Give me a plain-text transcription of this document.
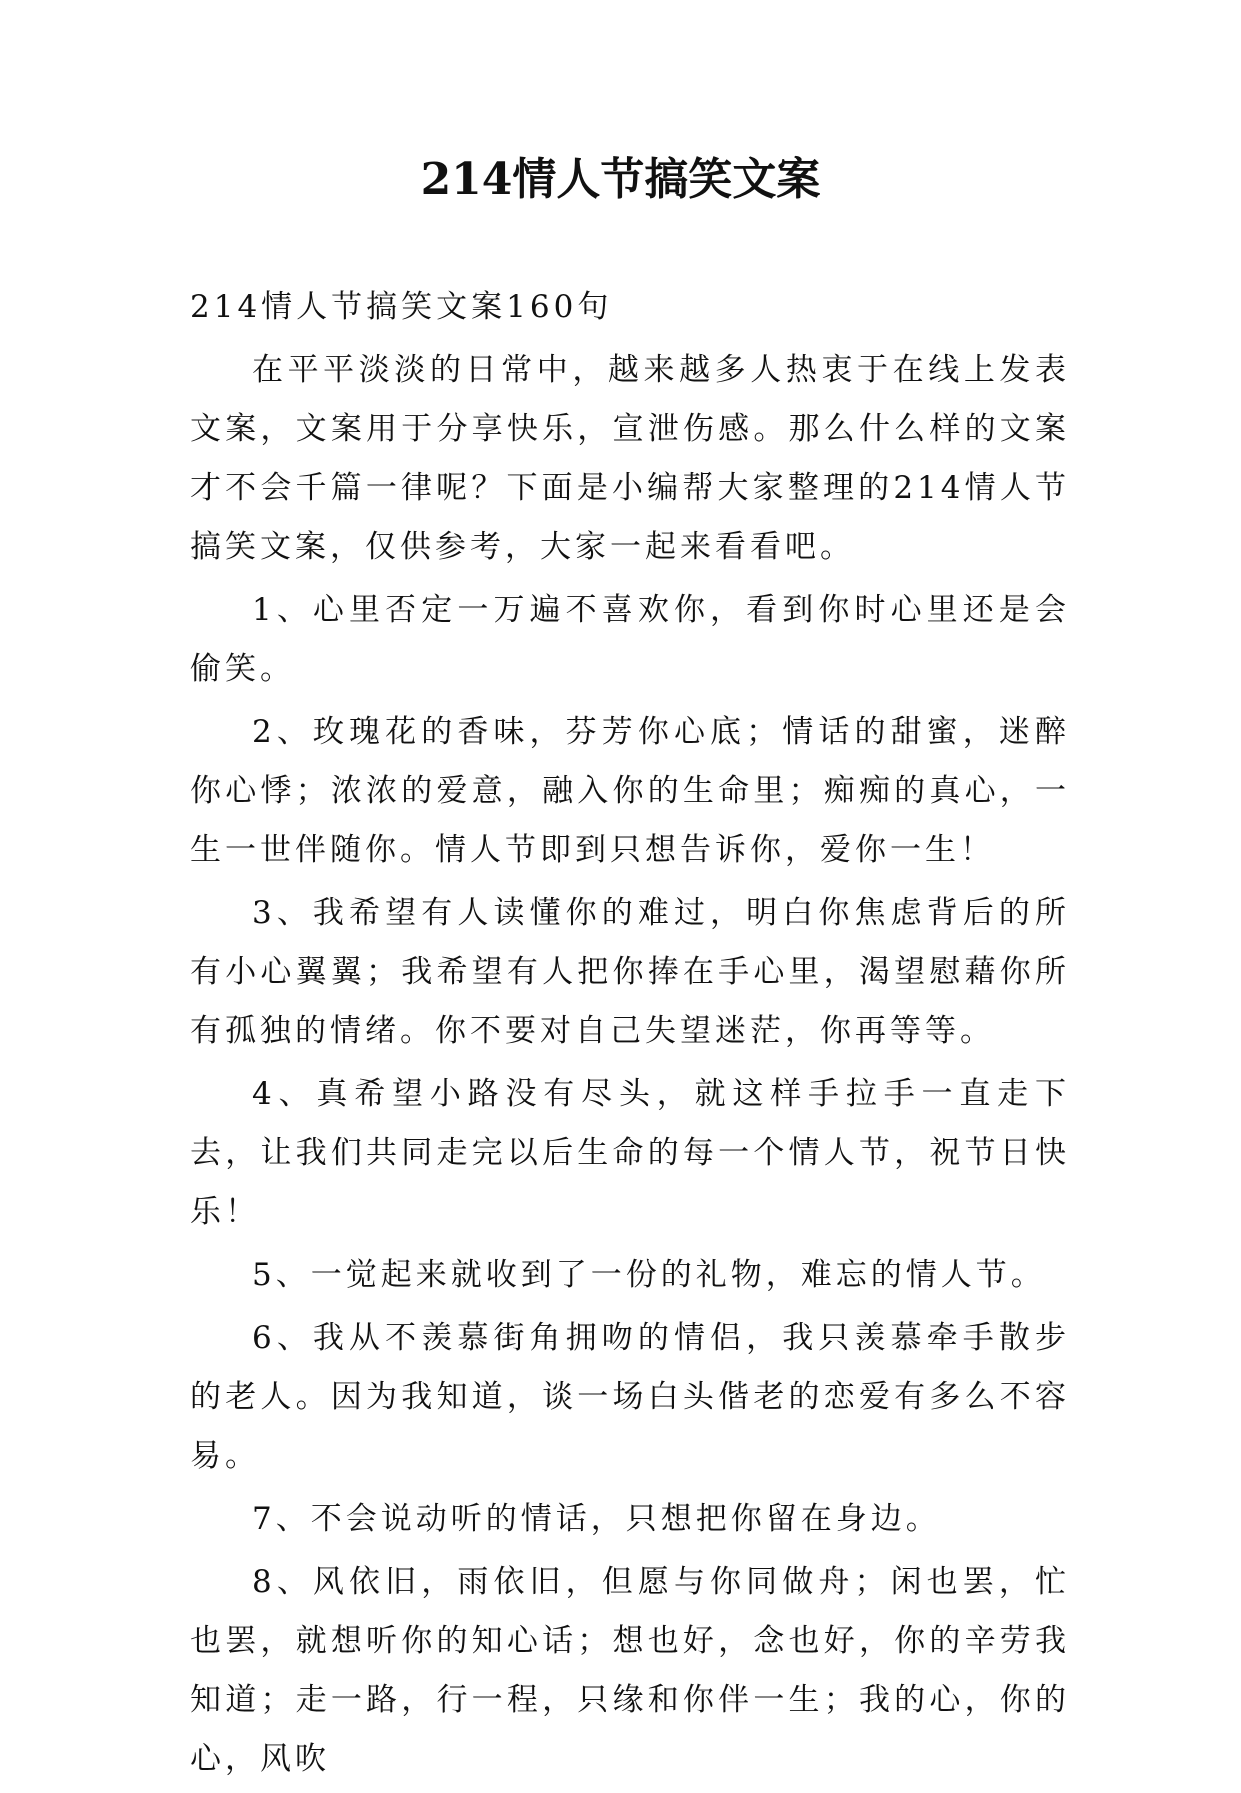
214情人节搞笑文案

214情人节搞笑文案160句

在平平淡淡的日常中，越来越多人热衷于在线上发表文案，文案用于分享快乐，宣泄伤感。那么什么样的文案才不会千篇一律呢？下面是小编帮大家整理的214情人节搞笑文案，仅供参考，大家一起来看看吧。

1、心里否定一万遍不喜欢你，看到你时心里还是会偷笑。

2、玫瑰花的香味，芬芳你心底；情话的甜蜜，迷醉你心悸；浓浓的爱意，融入你的生命里；痴痴的真心，一生一世伴随你。情人节即到只想告诉你，爱你一生！

3、我希望有人读懂你的难过，明白你焦虑背后的所有小心翼翼；我希望有人把你捧在手心里，渴望慰藉你所有孤独的情绪。你不要对自己失望迷茫，你再等等。

4、真希望小路没有尽头，就这样手拉手一直走下去，让我们共同走完以后生命的每一个情人节，祝节日快乐！

5、一觉起来就收到了一份的礼物，难忘的情人节。

6、我从不羡慕街角拥吻的情侣，我只羡慕牵手散步的老人。因为我知道，谈一场白头偕老的恋爱有多么不容易。

7、不会说动听的情话，只想把你留在身边。

8、风依旧，雨依旧，但愿与你同做舟；闲也罢，忙也罢，就想听你的知心话；想也好，念也好，你的辛劳我知道；走一路，行一程，只缘和你伴一生；我的心，你的心，风吹
